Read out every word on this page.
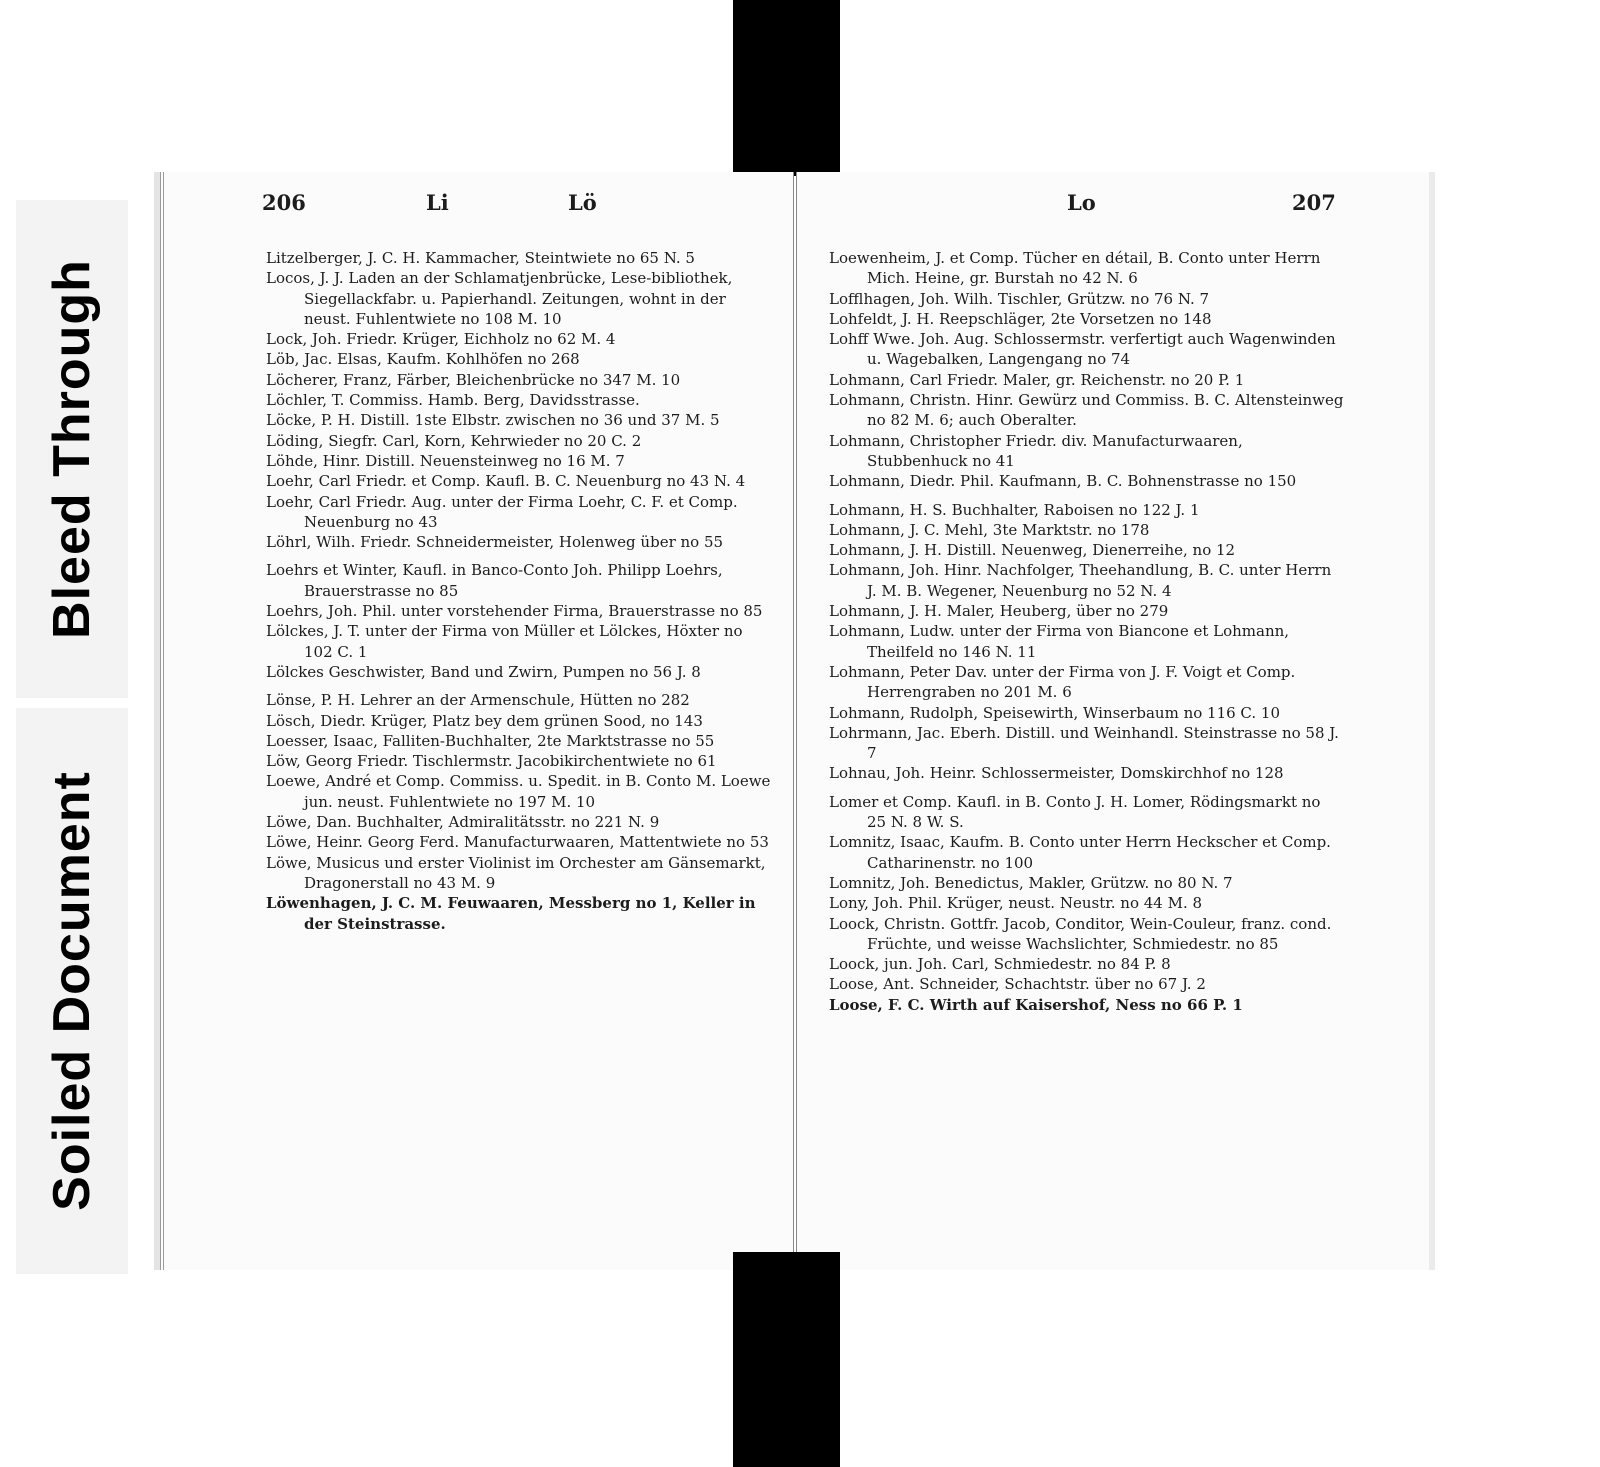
Bleed Through
Soiled Document
206	Li	Lö

Litzelberger, J. C. H. Kammacher, Steintwiete no 65 N. 5

Locos, J. J. Laden an der Schlamatjenbrücke, Lese-bibliothek, Siegellackfabr. u. Papierhandl. Zeitungen, wohnt in der neust. Fuhlentwiete no 108 M. 10

Lock, Joh. Friedr. Krüger, Eichholz no 62 M. 4

Löb, Jac. Elsas, Kaufm. Kohlhöfen no 268

Löcherer, Franz, Färber, Bleichenbrücke no 347 M. 10

Löchler, T. Commiss. Hamb. Berg, Davidsstrasse.

Löcke, P. H. Distill. 1ste Elbstr. zwischen no 36 und 37 M. 5

Löding, Siegfr. Carl, Korn, Kehrwieder no 20 C. 2

Löhde, Hinr. Distill. Neuensteinweg no 16 M. 7

Loehr, Carl Friedr. et Comp. Kaufl. B. C. Neuenburg no 43 N. 4

Loehr, Carl Friedr. Aug. unter der Firma Loehr, C. F. et Comp. Neuenburg no 43

Löhrl, Wilh. Friedr. Schneidermeister, Holenweg über no 55

Loehrs et Winter, Kaufl. in Banco-Conto Joh. Philipp Loehrs, Brauerstrasse no 85

Loehrs, Joh. Phil. unter vorstehender Firma, Brauerstrasse no 85

Lölckes, J. T. unter der Firma von Müller et Lölckes, Höxter no 102 C. 1

Lölckes Geschwister, Band und Zwirn, Pumpen no 56 J. 8

Lönse, P. H. Lehrer an der Armenschule, Hütten no 282

Lösch, Diedr. Krüger, Platz bey dem grünen Sood, no 143

Loesser, Isaac, Falliten-Buchhalter, 2te Marktstrasse no 55

Löw, Georg Friedr. Tischlermstr. Jacobikirchentwiete no 61

Loewe, André et Comp. Commiss. u. Spedit. in B. Conto M. Loewe jun. neust. Fuhlentwiete no 197 M. 10

Löwe, Dan. Buchhalter, Admiralitätsstr. no 221 N. 9

Löwe, Heinr. Georg Ferd. Manufacturwaaren, Mattentwiete no 53

Löwe, Musicus und erster Violinist im Orchester am Gänsemarkt, Dragonerstall no 43 M. 9

Löwenhagen, J. C. M. Feuwaaren, Messberg no 1, Keller in der Steinstrasse.

Lo	207

Loewenheim, J. et Comp. Tücher en détail, B. Conto unter Herrn Mich. Heine, gr. Burstah no 42 N. 6

Lofflhagen, Joh. Wilh. Tischler, Grützw. no 76 N. 7

Lohfeldt, J. H. Reepschläger, 2te Vorsetzen no 148

Lohff Wwe. Joh. Aug. Schlossermstr. verfertigt auch Wagenwinden u. Wagebalken, Langengang no 74

Lohmann, Carl Friedr. Maler, gr. Reichenstr. no 20 P. 1

Lohmann, Christn. Hinr. Gewürz und Commiss. B. C. Altensteinweg no 82 M. 6; auch Oberalter.

Lohmann, Christopher Friedr. div. Manufacturwaaren, Stubbenhuck no 41

Lohmann, Diedr. Phil. Kaufmann, B. C. Bohnenstrasse no 150

Lohmann, H. S. Buchhalter, Raboisen no 122 J. 1

Lohmann, J. C. Mehl, 3te Marktstr. no 178

Lohmann, J. H. Distill. Neuenweg, Dienerreihe, no 12

Lohmann, Joh. Hinr. Nachfolger, Theehandlung, B. C. unter Herrn J. M. B. Wegener, Neuenburg no 52 N. 4

Lohmann, J. H. Maler, Heuberg, über no 279

Lohmann, Ludw. unter der Firma von Biancone et Lohmann, Theilfeld no 146 N. 11

Lohmann, Peter Dav. unter der Firma von J. F. Voigt et Comp. Herrengraben no 201 M. 6

Lohmann, Rudolph, Speisewirth, Winserbaum no 116 C. 10

Lohrmann, Jac. Eberh. Distill. und Weinhandl. Steinstrasse no 58 J. 7

Lohnau, Joh. Heinr. Schlossermeister, Domskirchhof no 128

Lomer et Comp. Kaufl. in B. Conto J. H. Lomer, Rödingsmarkt no 25 N. 8 W. S.

Lomnitz, Isaac, Kaufm. B. Conto unter Herrn Heckscher et Comp. Catharinenstr. no 100

Lomnitz, Joh. Benedictus, Makler, Grützw. no 80 N. 7

Lony, Joh. Phil. Krüger, neust. Neustr. no 44 M. 8

Loock, Christn. Gottfr. Jacob, Conditor, Wein-Couleur, franz. cond. Früchte, und weisse Wachslichter, Schmiedestr. no 85

Loock, jun. Joh. Carl, Schmiedestr. no 84 P. 8

Loose, Ant. Schneider, Schachtstr. über no 67 J. 2

Loose, F. C. Wirth auf Kaisershof, Ness no 66 P. 1
